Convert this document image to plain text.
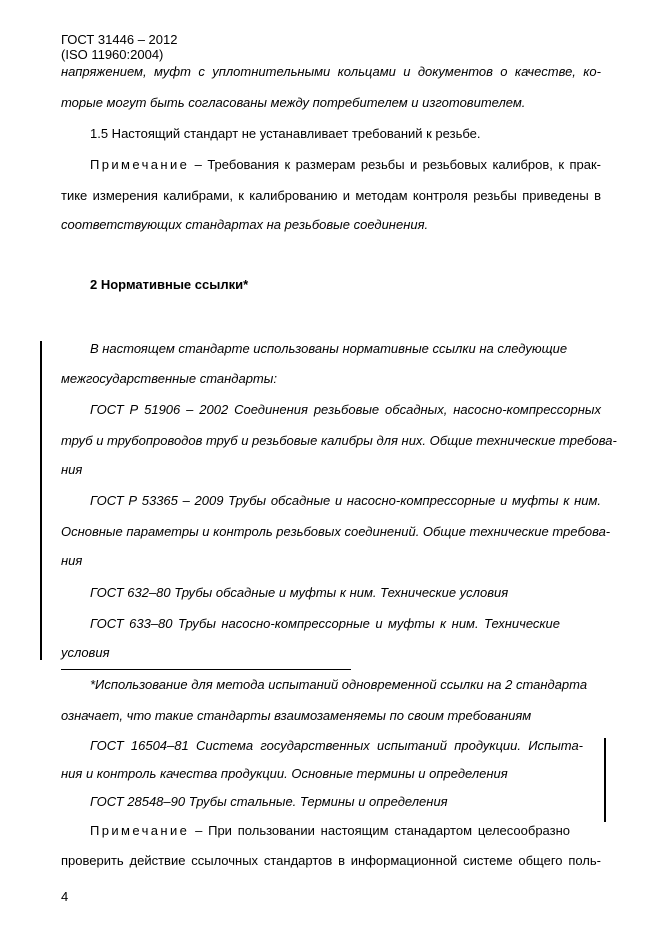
ГОСТ 31446 – 2012
(ISO 11960:2004)
напряжением, муфт с уплотнительными кольцами и документов о качестве, ко-
торые могут быть согласованы между потребителем и изготовителем.
1.5 Настоящий стандарт не устанавливает требований к резьбе.
Примечание – Требования к размерам резьбы и резьбовых калибров, к прак-
тике измерения калибрами, к калиброванию и методам контроля резьбы приведены в
соответствующих стандартах на резьбовые соединения.
2 Нормативные ссылки*
В настоящем стандарте использованы нормативные ссылки на следующие
межгосударственные стандарты:
ГОСТ Р 51906 – 2002 Соединения резьбовые обсадных, насосно-компрессорных
труб и трубопроводов труб и резьбовые калибры для них. Общие технические требова-
ния
ГОСТ Р 53365 – 2009 Трубы обсадные и насосно-компрессорные и муфты к ним.
Основные параметры и контроль резьбовых соединений. Общие технические требова-
ния
ГОСТ 632–80 Трубы обсадные и муфты к ним. Технические условия
ГОСТ 633–80 Трубы насосно-компрессорные и муфты к ним. Технические
условия
*Использование для метода испытаний одновременной ссылки на 2 стандарта
означает, что такие стандарты взаимозаменяемы по своим требованиям
ГОСТ 16504–81 Система государственных испытаний продукции. Испыта-
ния и контроль качества продукции. Основные термины и определения
ГОСТ 28548–90 Трубы стальные. Термины и определения
Примечание – При пользовании настоящим станадартом целесообразно
проверить действие ссылочных стандартов в информационной системе общего поль-
4
